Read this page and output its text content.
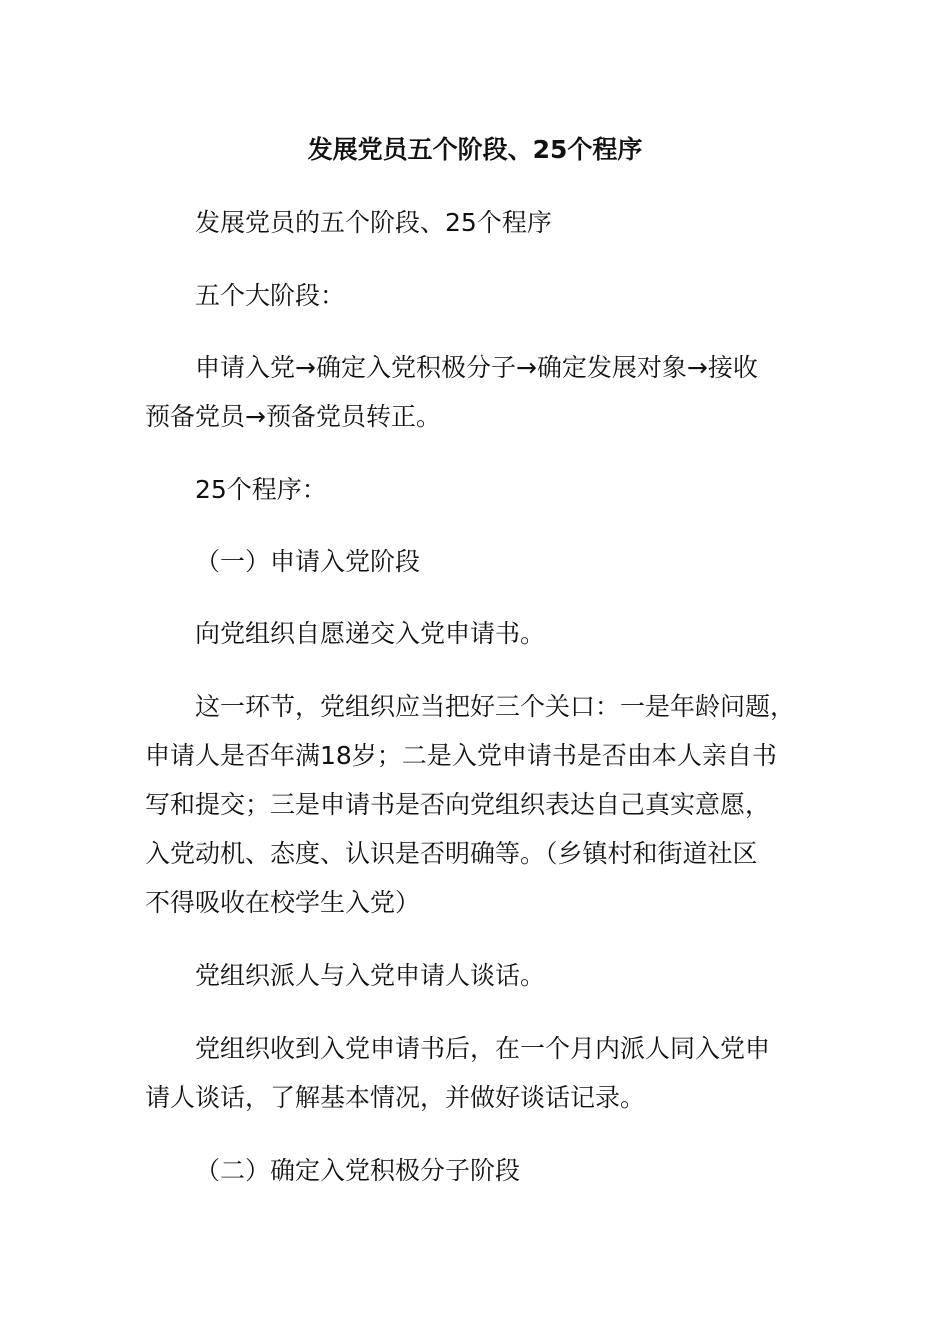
发展党员五个阶段、25个程序

发展党员的五个阶段、25个程序

五个大阶段：

申请入党→确定入党积极分子→确定发展对象→接收
预备党员→预备党员转正。

25个程序：

（一）申请入党阶段

向党组织自愿递交入党申请书。

这一环节，党组织应当把好三个关口：一是年龄问题，
申请人是否年满18岁；二是入党申请书是否由本人亲自书
写和提交；三是申请书是否向党组织表达自己真实意愿，
入党动机、态度、认识是否明确等。（乡镇村和街道社区
不得吸收在校学生入党）

党组织派人与入党申请人谈话。

党组织收到入党申请书后，在一个月内派人同入党申
请人谈话，了解基本情况，并做好谈话记录。

（二）确定入党积极分子阶段
